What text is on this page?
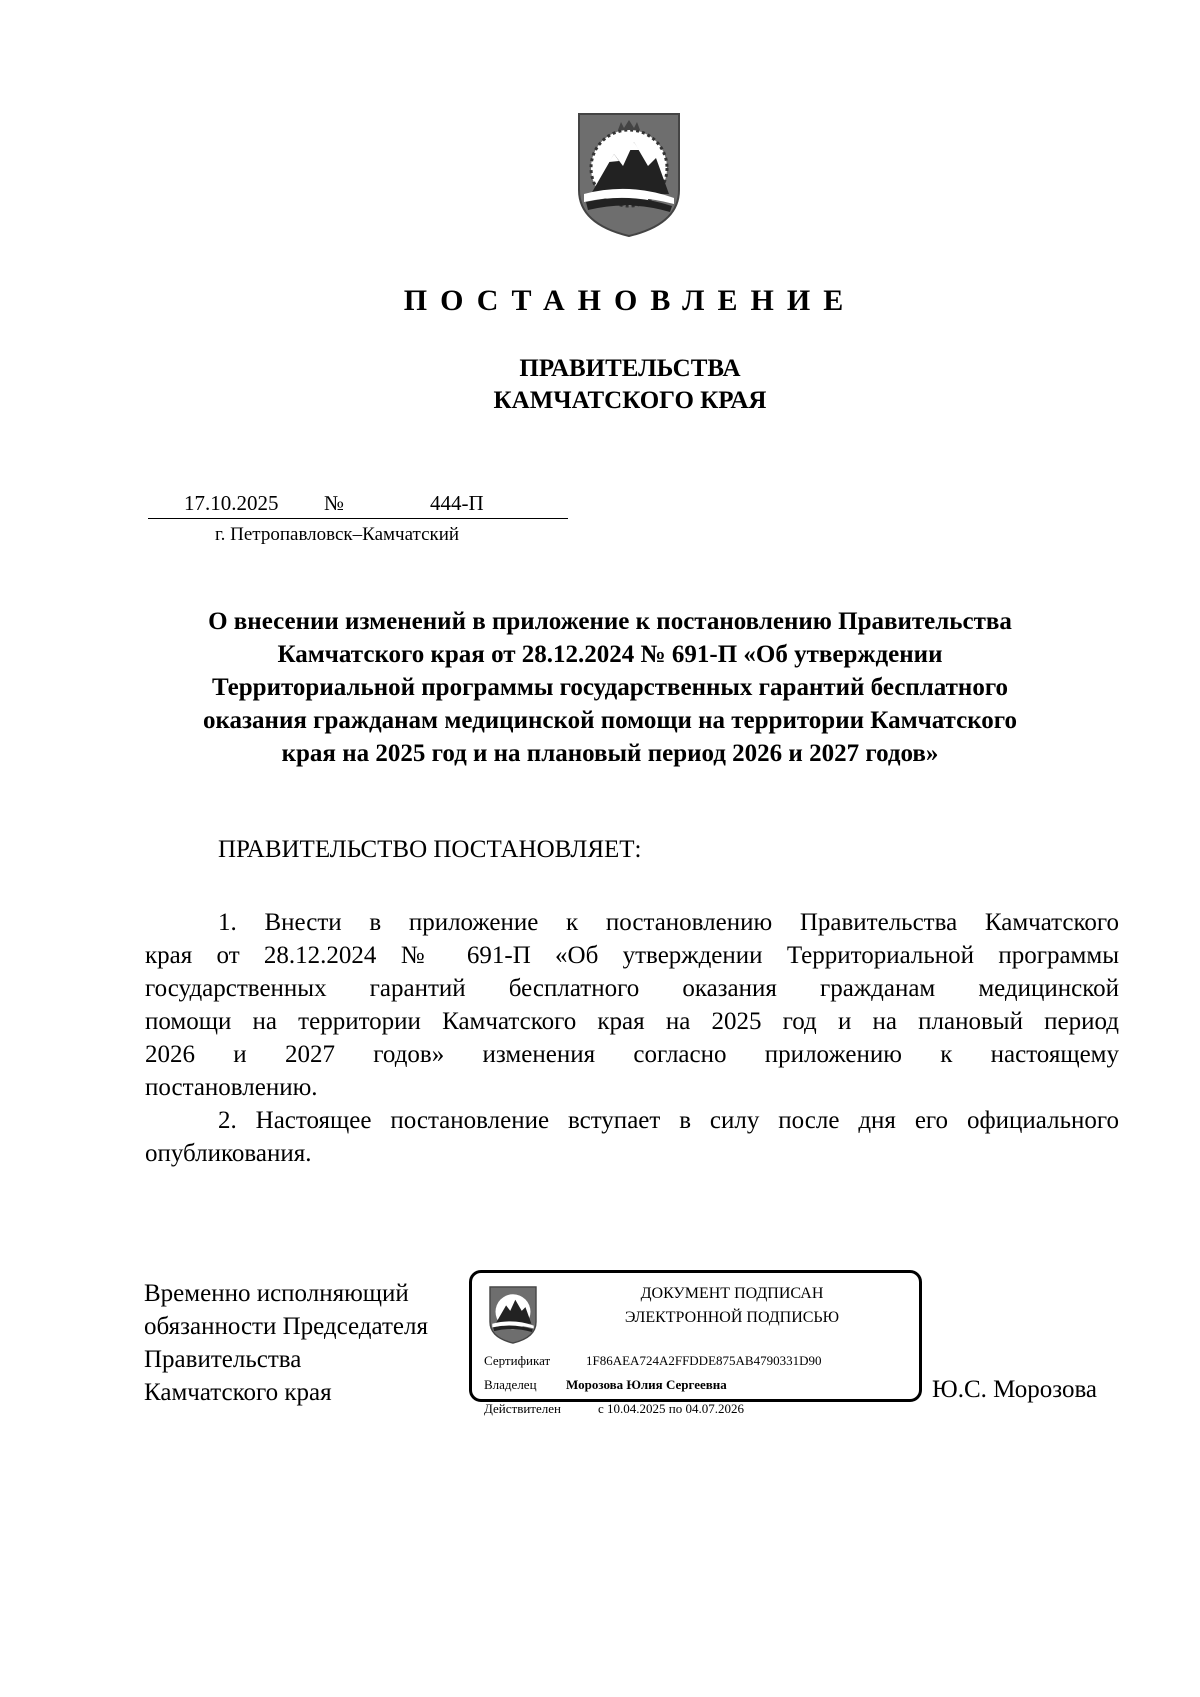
ПОСТАНОВЛЕНИЕ
ПРАВИТЕЛЬСТВА
КАМЧАТСКОГО КРАЯ
17.10.2025 №	444-П
г. Петропавловск–Камчатский
О внесении изменений в приложение к постановлению Правительства
Камчатского края от 28.12.2024 № 691-П «Об утверждении
Территориальной программы государственных гарантий бесплатного
оказания гражданам медицинской помощи на территории Камчатского
края на 2025 год и на плановый период 2026 и 2027 годов»
ПРАВИТЕЛЬСТВО ПОСТАНОВЛЯЕТ:
1. Внести в приложение к постановлению Правительства Камчатского
края от 28.12.2024 № 691-П «Об утверждении Территориальной программы
государственных гарантий бесплатного оказания гражданам медицинской
помощи на территории Камчатского края на 2025 год и на плановый период
2026 и 2027 годов» изменения согласно приложению к настоящему
постановлению.
2. Настоящее постановление вступает в силу после дня его официального
опубликования.
Временно исполняющий
обязанности Председателя
Правительства
Камчатского края
ДОКУМЕНТ ПОДПИСАН
ЭЛЕКТРОННОЙ ПОДПИСЬЮ
Сертификат	1F86AEA724A2FFDDE875AB4790331D90
Владелец Морозова Юлия Сергеевна
Действителен	с 10.04.2025 по 04.07.2026
Ю.С. Морозова
